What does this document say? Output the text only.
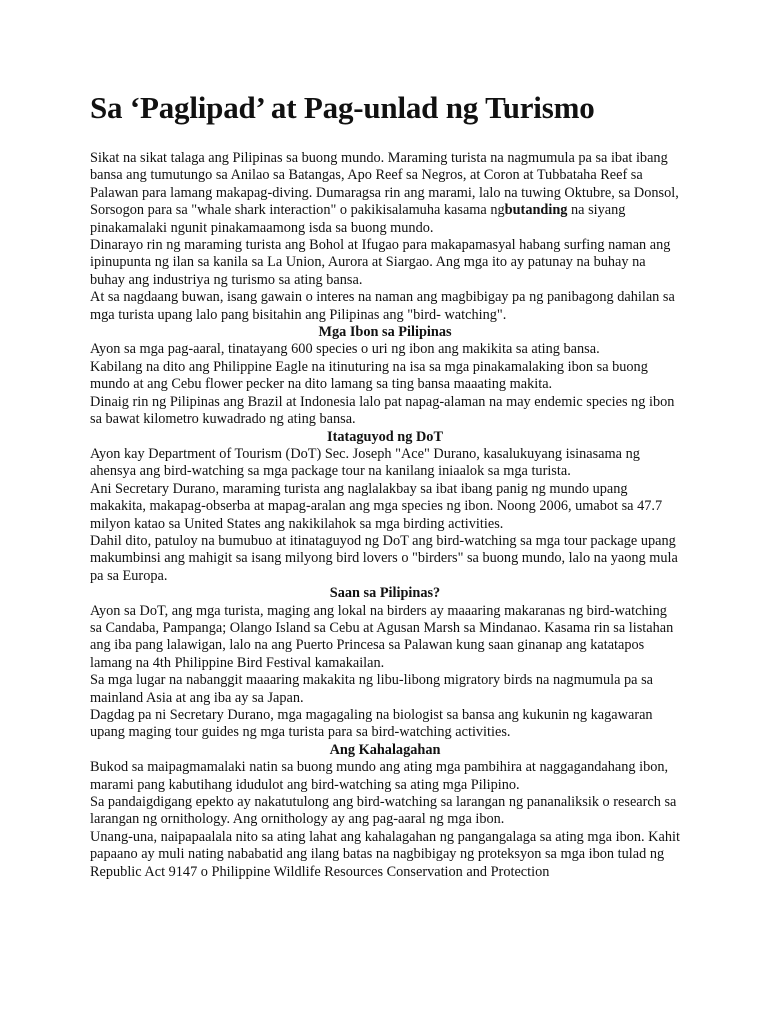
Sa ‘Paglipad’ at Pag-unlad ng Turismo

Sikat na sikat talaga ang Pilipinas sa buong mundo. Maraming turista na nagmumula pa sa ibat ibang bansa ang tumutungo sa Anilao sa Batangas, Apo Reef sa Negros, at Coron at Tubbataha Reef sa Palawan para lamang makapag-diving. Dumaragsa rin ang marami, lalo na tuwing Oktubre, sa Donsol, Sorsogon para sa "whale shark interaction" o pakikisalamuha kasama ngbutanding na siyang pinakamalaki ngunit pinakamaamong isda sa buong mundo.

Dinarayo rin ng maraming turista ang Bohol at Ifugao para makapamasyal habang surfing naman ang ipinupunta ng ilan sa kanila sa La Union, Aurora at Siargao. Ang mga ito ay patunay na buhay na buhay ang industriya ng turismo sa ating bansa.

At sa nagdaang buwan, isang gawain o interes na naman ang magbibigay pa ng panibagong dahilan sa mga turista upang lalo pang bisitahin ang Pilipinas ang "bird- watching".

Mga Ibon sa Pilipinas

Ayon sa mga pag-aaral, tinatayang 600 species o uri ng ibon ang makikita sa ating bansa.

Kabilang na dito ang Philippine Eagle na itinuturing na isa sa mga pinakamalaking ibon sa buong mundo at ang Cebu flower pecker na dito lamang sa ting bansa maaating makita.

Dinaig rin ng Pilipinas ang Brazil at Indonesia lalo pat napag-alaman na may endemic species ng ibon sa bawat kilometro kuwadrado ng ating bansa.

Itataguyod ng DoT

Ayon kay Department of Tourism (DoT) Sec. Joseph "Ace" Durano, kasalukuyang isinasama ng ahensya ang bird-watching sa mga package tour na kanilang iniaalok sa mga turista.

Ani Secretary Durano, maraming turista ang naglalakbay sa ibat ibang panig ng mundo upang makakita, makapag-obserba at mapag-aralan ang mga species ng ibon. Noong 2006, umabot sa 47.7 milyon katao sa United States ang nakikilahok sa mga birding activities.

Dahil dito, patuloy na bumubuo at itinataguyod ng DoT ang bird-watching sa mga tour package upang makumbinsi ang mahigit sa isang milyong bird lovers o "birders" sa buong mundo, lalo na yaong mula pa sa Europa.

Saan sa Pilipinas?

Ayon sa DoT, ang mga turista, maging ang lokal na birders ay maaaring makaranas ng bird-watching sa Candaba, Pampanga; Olango Island sa Cebu at Agusan Marsh sa Mindanao. Kasama rin sa listahan ang iba pang lalawigan, lalo na ang Puerto Princesa sa Palawan kung saan ginanap ang katatapos lamang na 4th Philippine Bird Festival kamakailan.

Sa mga lugar na nabanggit maaaring makakita ng libu-libong migratory birds na nagmumula pa sa mainland Asia at ang iba ay sa Japan.

Dagdag pa ni Secretary Durano, mga magagaling na biologist sa bansa ang kukunin ng kagawaran upang maging tour guides ng mga turista para sa bird-watching activities.

Ang Kahalagahan

Bukod sa maipagmamalaki natin sa buong mundo ang ating mga pambihira at naggagandahang ibon, marami pang kabutihang idudulot ang bird-watching sa ating mga Pilipino.

Sa pandaigdigang epekto ay nakatutulong ang bird-watching sa larangan ng pananaliksik o research sa larangan ng ornithology. Ang ornithology ay ang pag-aaral ng mga ibon.

Unang-una, naipapaalala nito sa ating lahat ang kahalagahan ng pangangalaga sa ating mga ibon. Kahit papaano ay muli nating nababatid ang ilang batas na nagbibigay ng proteksyon sa mga ibon tulad ng Republic Act 9147 o Philippine Wildlife Resources Conservation and Protection
